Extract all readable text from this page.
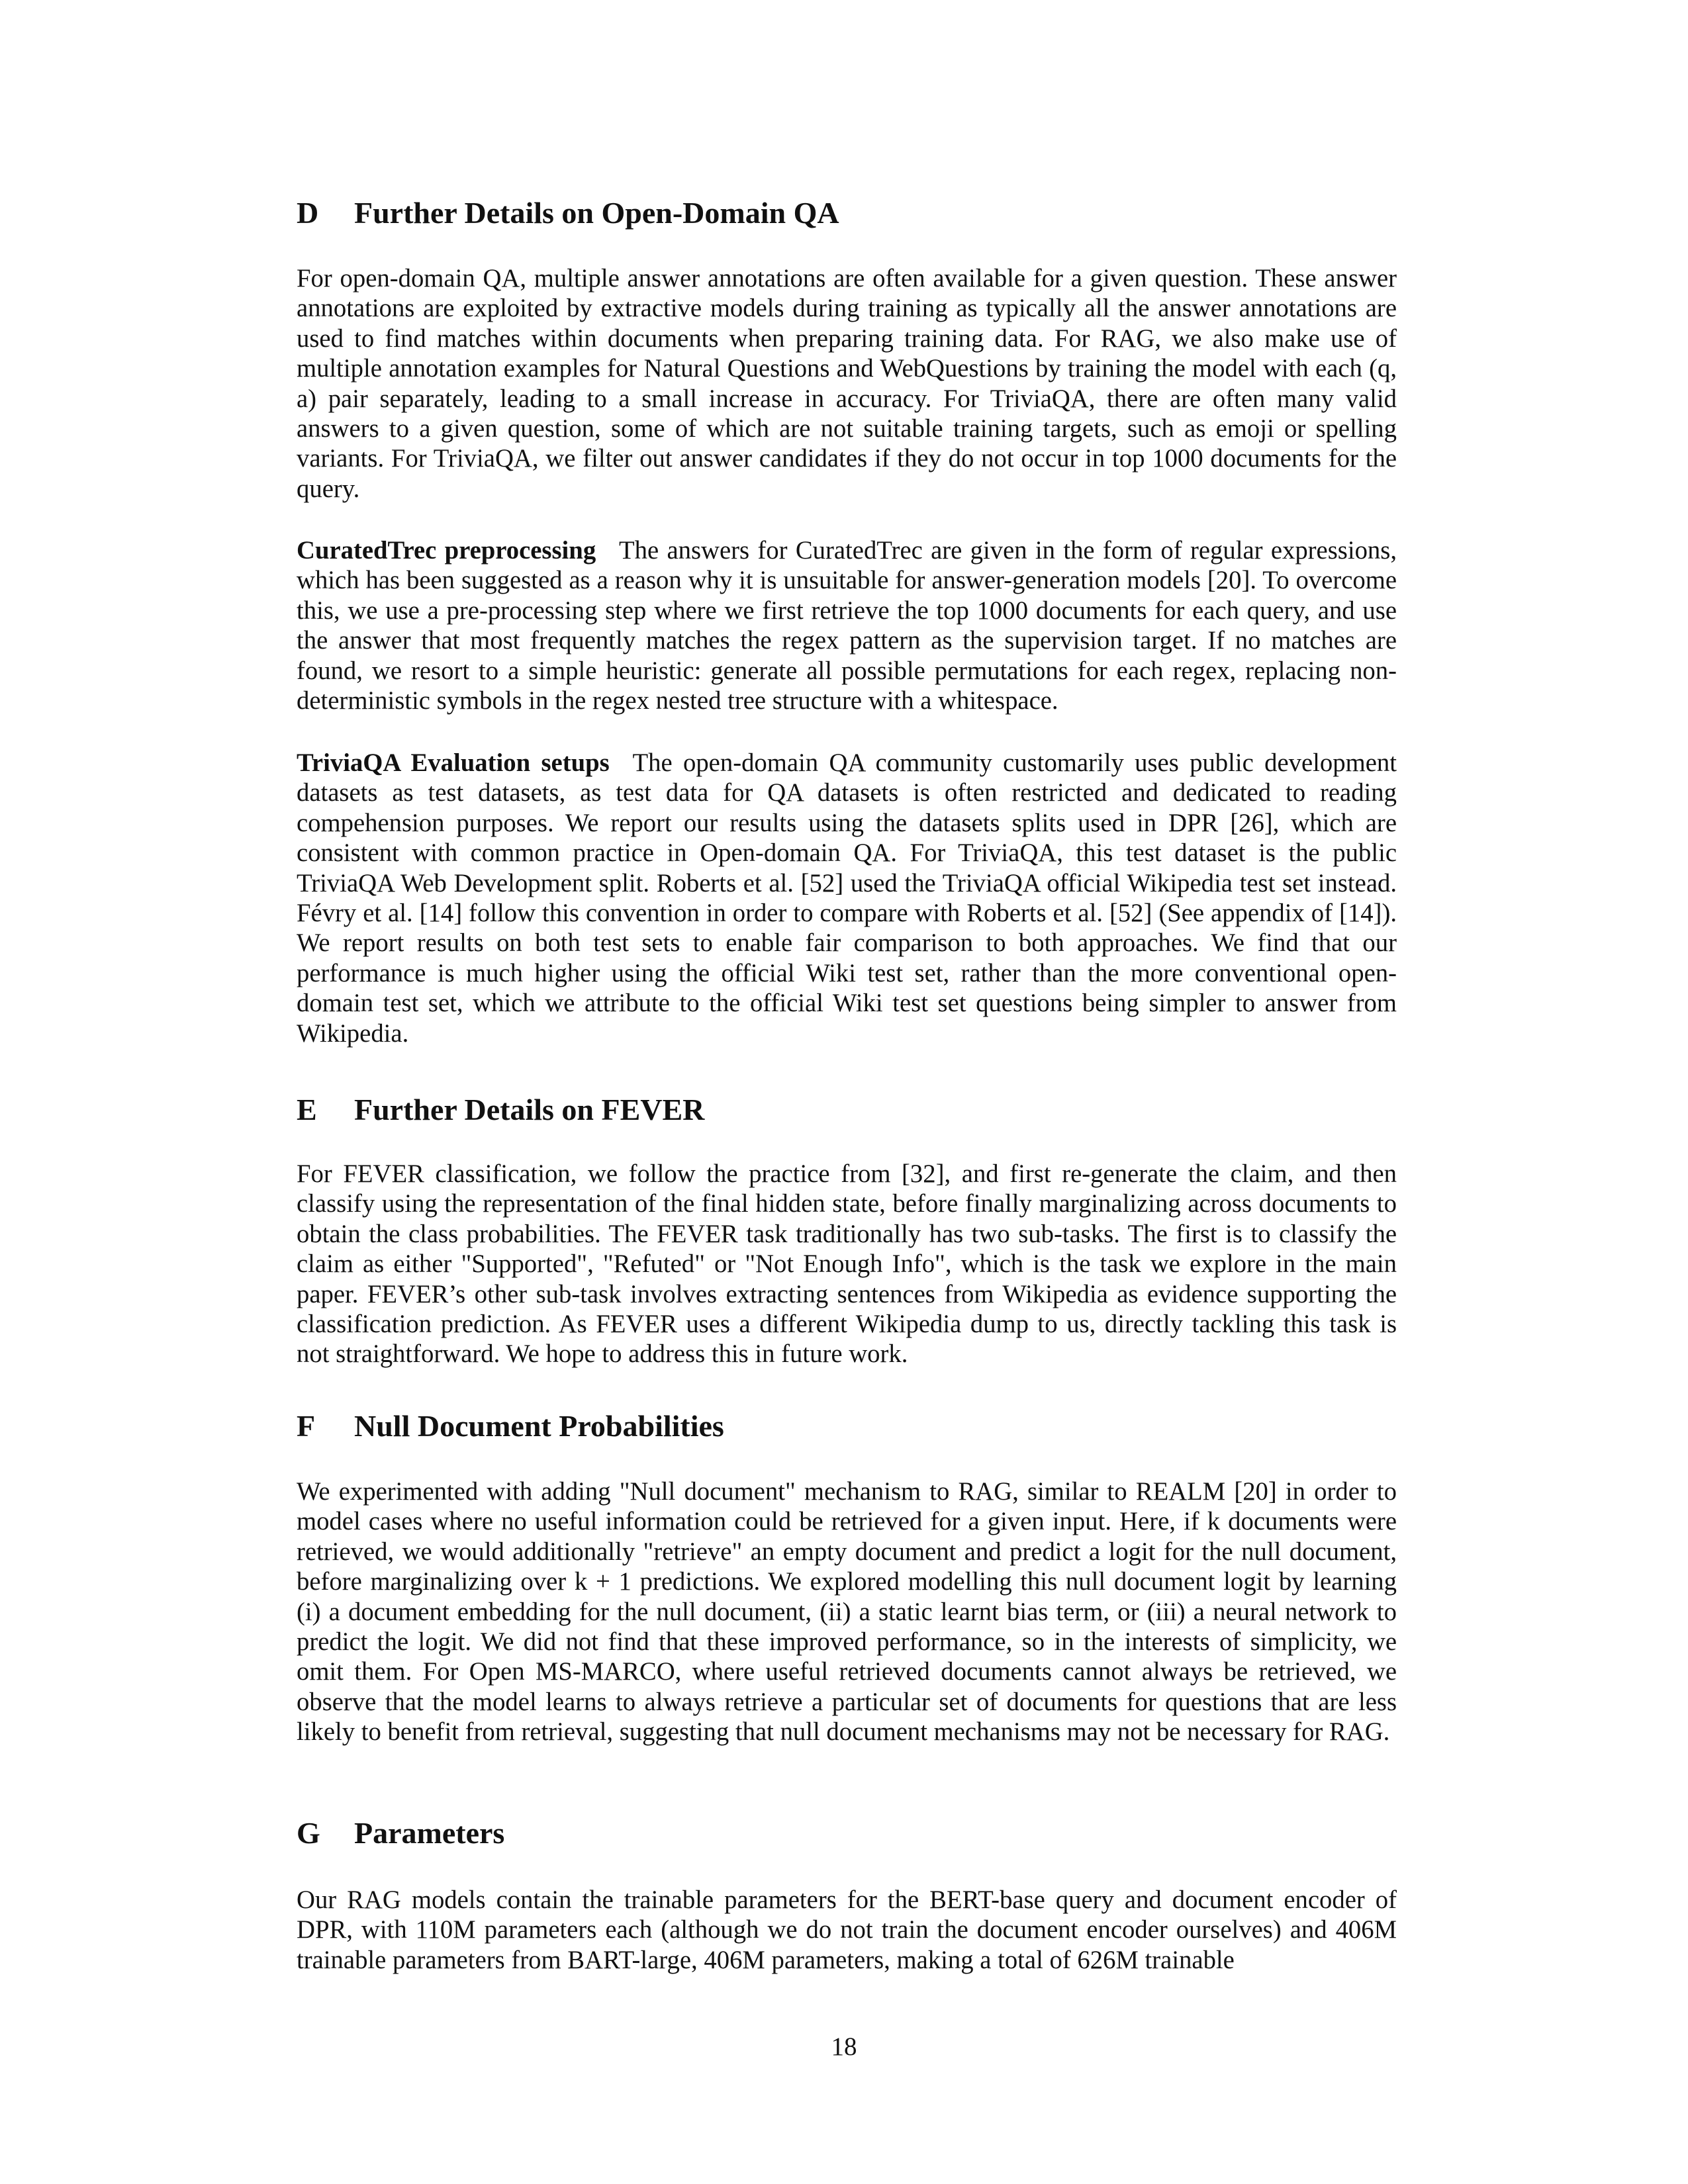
D Further Details on Open-Domain QA

For open-domain QA, multiple answer annotations are often available for a given question. These answer annotations are exploited by extractive models during training as typically all the answer annotations are used to find matches within documents when preparing training data. For RAG, we also make use of multiple annotation examples for Natural Questions and WebQuestions by training the model with each (q, a) pair separately, leading to a small increase in accuracy. For TriviaQA, there are often many valid answers to a given question, some of which are not suitable training targets, such as emoji or spelling variants. For TriviaQA, we filter out answer candidates if they do not occur in top 1000 documents for the query.

CuratedTrec preprocessing The answers for CuratedTrec are given in the form of regular expressions, which has been suggested as a reason why it is unsuitable for answer-generation models [20]. To overcome this, we use a pre-processing step where we first retrieve the top 1000 documents for each query, and use the answer that most frequently matches the regex pattern as the supervision target. If no matches are found, we resort to a simple heuristic: generate all possible permutations for each regex, replacing non-deterministic symbols in the regex nested tree structure with a whitespace.

TriviaQA Evaluation setups The open-domain QA community customarily uses public development datasets as test datasets, as test data for QA datasets is often restricted and dedicated to reading compehension purposes. We report our results using the datasets splits used in DPR [26], which are consistent with common practice in Open-domain QA. For TriviaQA, this test dataset is the public TriviaQA Web Development split. Roberts et al. [52] used the TriviaQA official Wikipedia test set instead. Févry et al. [14] follow this convention in order to compare with Roberts et al. [52] (See appendix of [14]). We report results on both test sets to enable fair comparison to both approaches. We find that our performance is much higher using the official Wiki test set, rather than the more conventional open-domain test set, which we attribute to the official Wiki test set questions being simpler to answer from Wikipedia.

E Further Details on FEVER

For FEVER classification, we follow the practice from [32], and first re-generate the claim, and then classify using the representation of the final hidden state, before finally marginalizing across documents to obtain the class probabilities. The FEVER task traditionally has two sub-tasks. The first is to classify the claim as either "Supported", "Refuted" or "Not Enough Info", which is the task we explore in the main paper. FEVER’s other sub-task involves extracting sentences from Wikipedia as evidence supporting the classification prediction. As FEVER uses a different Wikipedia dump to us, directly tackling this task is not straightforward. We hope to address this in future work.

F Null Document Probabilities

We experimented with adding "Null document" mechanism to RAG, similar to REALM [20] in order to model cases where no useful information could be retrieved for a given input. Here, if k documents were retrieved, we would additionally "retrieve" an empty document and predict a logit for the null document, before marginalizing over k + 1 predictions. We explored modelling this null document logit by learning (i) a document embedding for the null document, (ii) a static learnt bias term, or (iii) a neural network to predict the logit. We did not find that these improved performance, so in the interests of simplicity, we omit them. For Open MS-MARCO, where useful retrieved documents cannot always be retrieved, we observe that the model learns to always retrieve a particular set of documents for questions that are less likely to benefit from retrieval, suggesting that null document mechanisms may not be necessary for RAG.

G Parameters

Our RAG models contain the trainable parameters for the BERT-base query and document encoder of DPR, with 110M parameters each (although we do not train the document encoder ourselves) and 406M trainable parameters from BART-large, 406M parameters, making a total of 626M trainable

18
